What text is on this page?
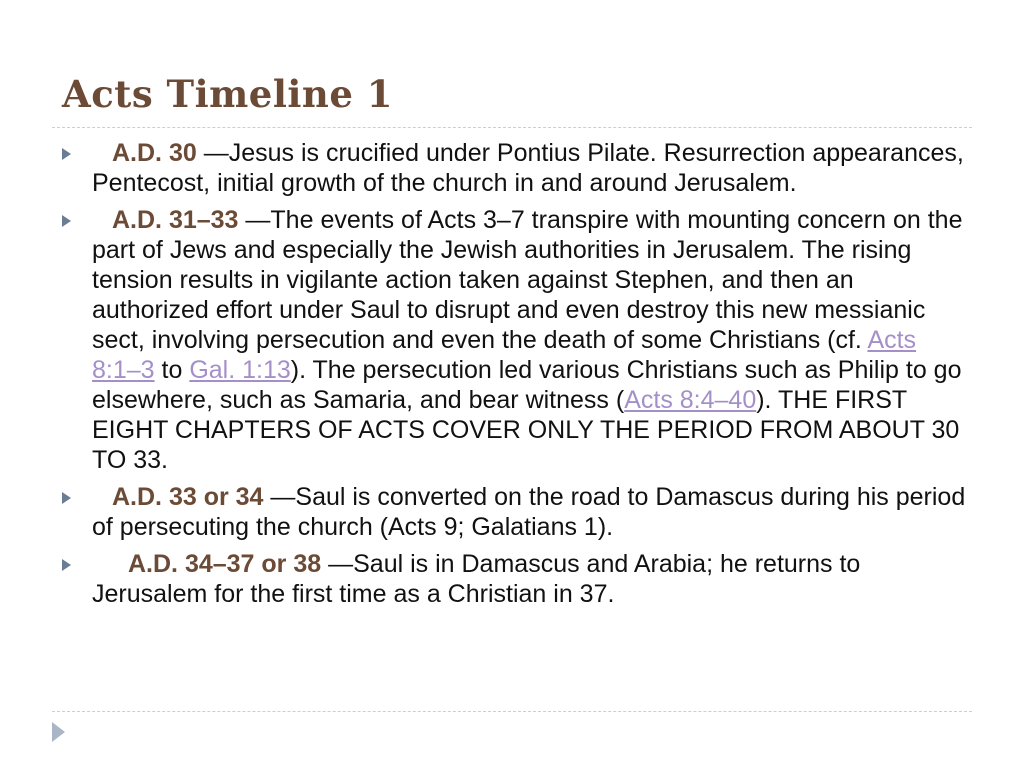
Acts Timeline 1
A.D. 30 —Jesus is crucified under Pontius Pilate. Resurrection appearances, Pentecost, initial growth of the church in and around Jerusalem.
A.D. 31–33 —The events of Acts 3–7 transpire with mounting concern on the part of Jews and especially the Jewish authorities in Jerusalem. The rising tension results in vigilante action taken against Stephen, and then an authorized effort under Saul to disrupt and even destroy this new messianic sect, involving persecution and even the death of some Christians (cf. Acts 8:1–3 to Gal. 1:13). The persecution led various Christians such as Philip to go elsewhere, such as Samaria, and bear witness (Acts 8:4–40). THE FIRST EIGHT CHAPTERS OF ACTS COVER ONLY THE PERIOD FROM ABOUT 30 TO 33.
A.D. 33 or 34 —Saul is converted on the road to Damascus during his period of persecuting the church (Acts 9; Galatians 1).
A.D. 34–37 or 38 —Saul is in Damascus and Arabia; he returns to Jerusalem for the first time as a Christian in 37.
